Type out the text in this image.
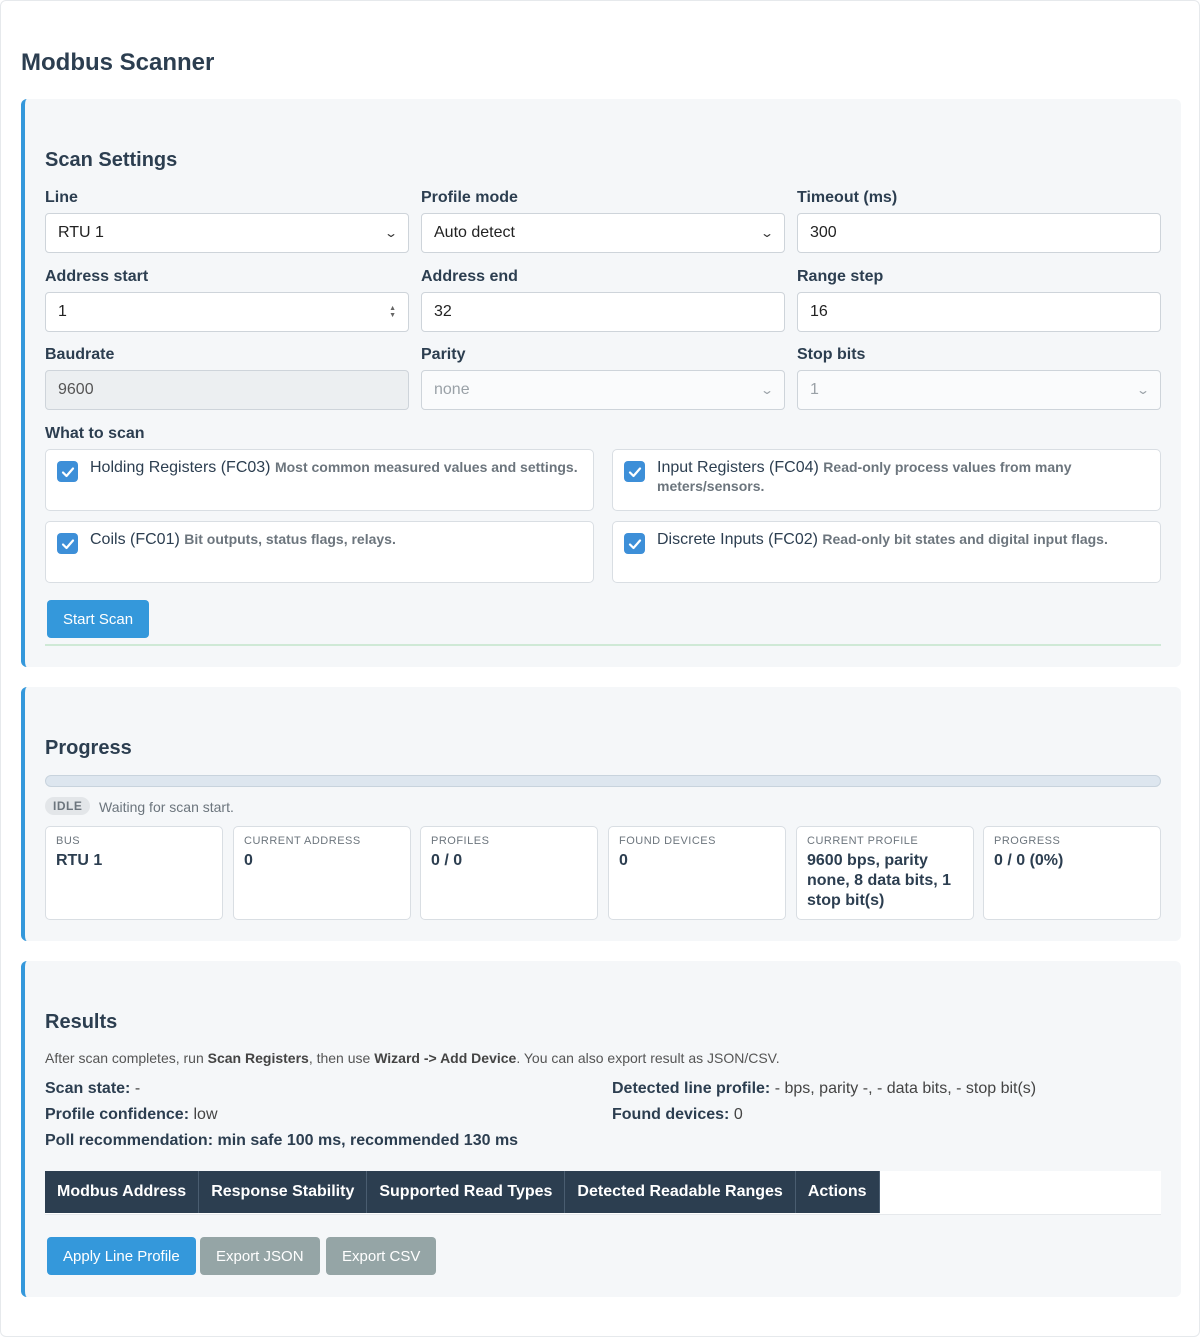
Modbus Scanner
Scan Settings
Line
RTU 1	⌄
Profile mode
Auto detect	⌄
Timeout (ms)
300
Address start
1	▲
▼
Address end
32
Range step
16
Baudrate
9600
Parity
none	⌄
Stop bits
1	⌄
What to scan
Holding Registers (FC03) Most common measured values and settings.	Input Registers (FC04) Read-only process values from many meters/sensors.
Coils (FC01) Bit outputs, status flags, relays.	Discrete Inputs (FC02) Read-only bit states and digital input flags.
Start Scan
Progress
IDLE	Waiting for scan start.
BUS
RTU 1
CURRENT ADDRESS
0
PROFILES
0 / 0
FOUND DEVICES
0
CURRENT PROFILE
9600 bps, parity none, 8 data bits, 1 stop bit(s)
PROGRESS
0 / 0 (0%)
Results
After scan completes, run Scan Registers, then use Wizard -> Add Device. You can also export result as JSON/CSV.
Scan state: -
Profile confidence: low
Poll recommendation: min safe 100 ms, recommended 130 ms
Detected line profile: - bps, parity -, - data bits, - stop bit(s)
Found devices: 0
Modbus Address	Response Stability	Supported Read Types	Detected Readable Ranges	Actions
Apply Line Profile	Export JSON	Export CSV
